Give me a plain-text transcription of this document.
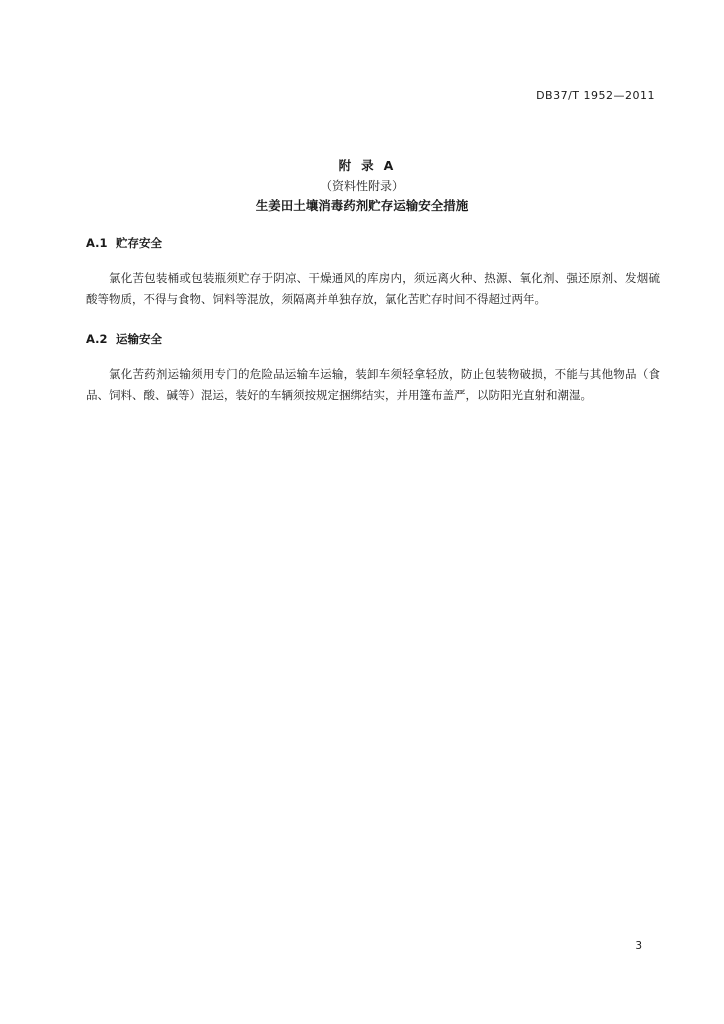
DB37/T 1952—2011
附录A
（资料性附录）
生姜田土壤消毒药剂贮存运输安全措施
A.1 贮存安全
氯化苦包装桶或包装瓶须贮存于阴凉、干燥通风的库房内，须远离火种、热源、氧化剂、强还原剂、发烟硫酸等物质，不得与食物、饲料等混放，须隔离并单独存放，氯化苦贮存时间不得超过两年。
A.2 运输安全
氯化苦药剂运输须用专门的危险品运输车运输，装卸车须轻拿轻放，防止包装物破损，不能与其他物品（食品、饲料、酸、碱等）混运，装好的车辆须按规定捆绑结实，并用篷布盖严，以防阳光直射和潮湿。
3
